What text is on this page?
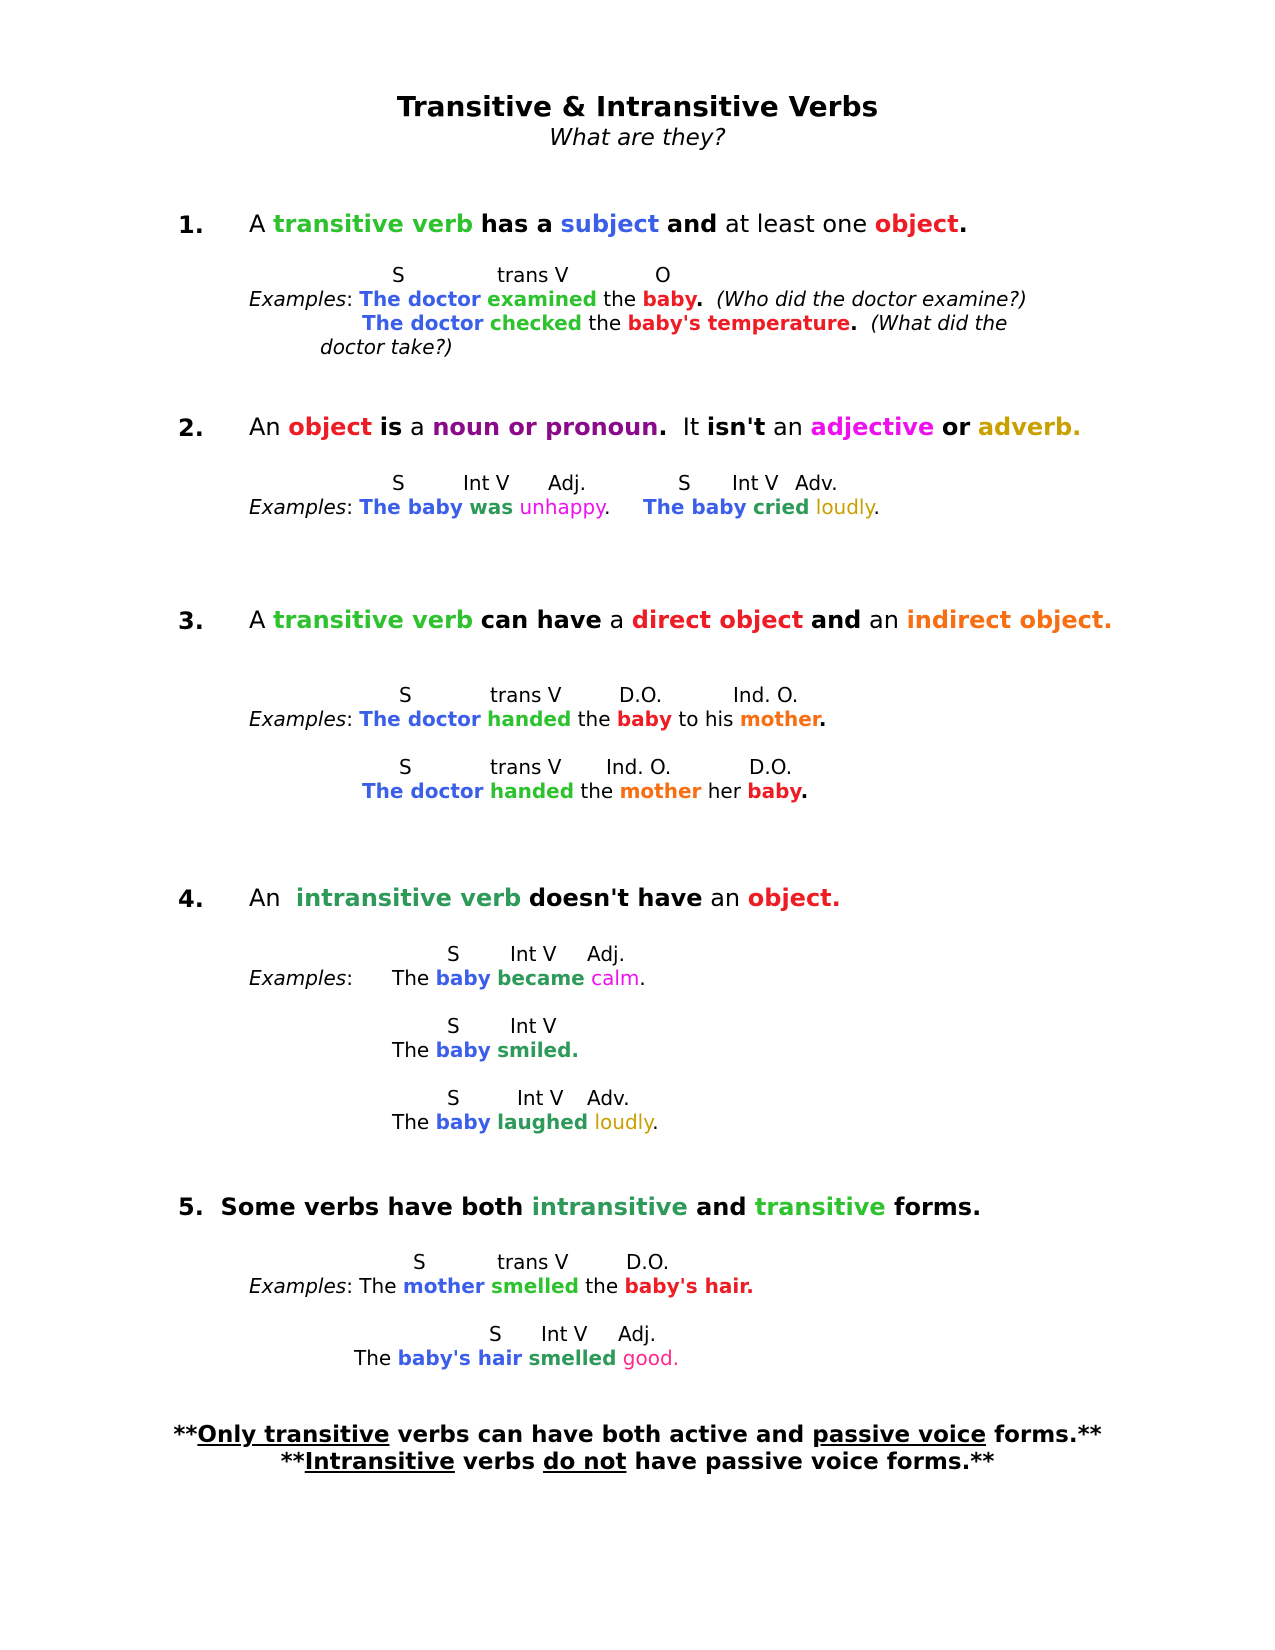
Transitive & Intransitive Verbs
What are they?
1. A transitive verb has a subject and at least one object.
S	trans V	O
Examples: The doctor examined the baby. (Who did the doctor examine?)
The doctor checked the baby's temperature. (What did the
doctor take?)
2. An object is a noun or pronoun. It isn't an adjective or adverb.
S	Int V Adj.	S Int V Adv.
Examples: The baby was unhappy. The baby cried loudly.
3. A transitive verb can have a direct object and an indirect object.
S	trans V	D.O.	Ind. O.
Examples: The doctor handed the baby to his mother.
S	trans V Ind. O.	D.O.
The doctor handed the mother her baby.
4. An intransitive verb doesn't have an object.
S	Int V Adj.
Examples: The baby became calm.
S	Int V
The baby smiled.
S	Int V Adv.
The baby laughed loudly.
5. Some verbs have both intransitive and transitive forms.
S	trans V	D.O.
Examples: The mother smelled the baby's hair.
S Int V Adj.
The baby's hair smelled good.
**Only transitive verbs can have both active and passive voice forms.**
**Intransitive verbs do not have passive voice forms.**
